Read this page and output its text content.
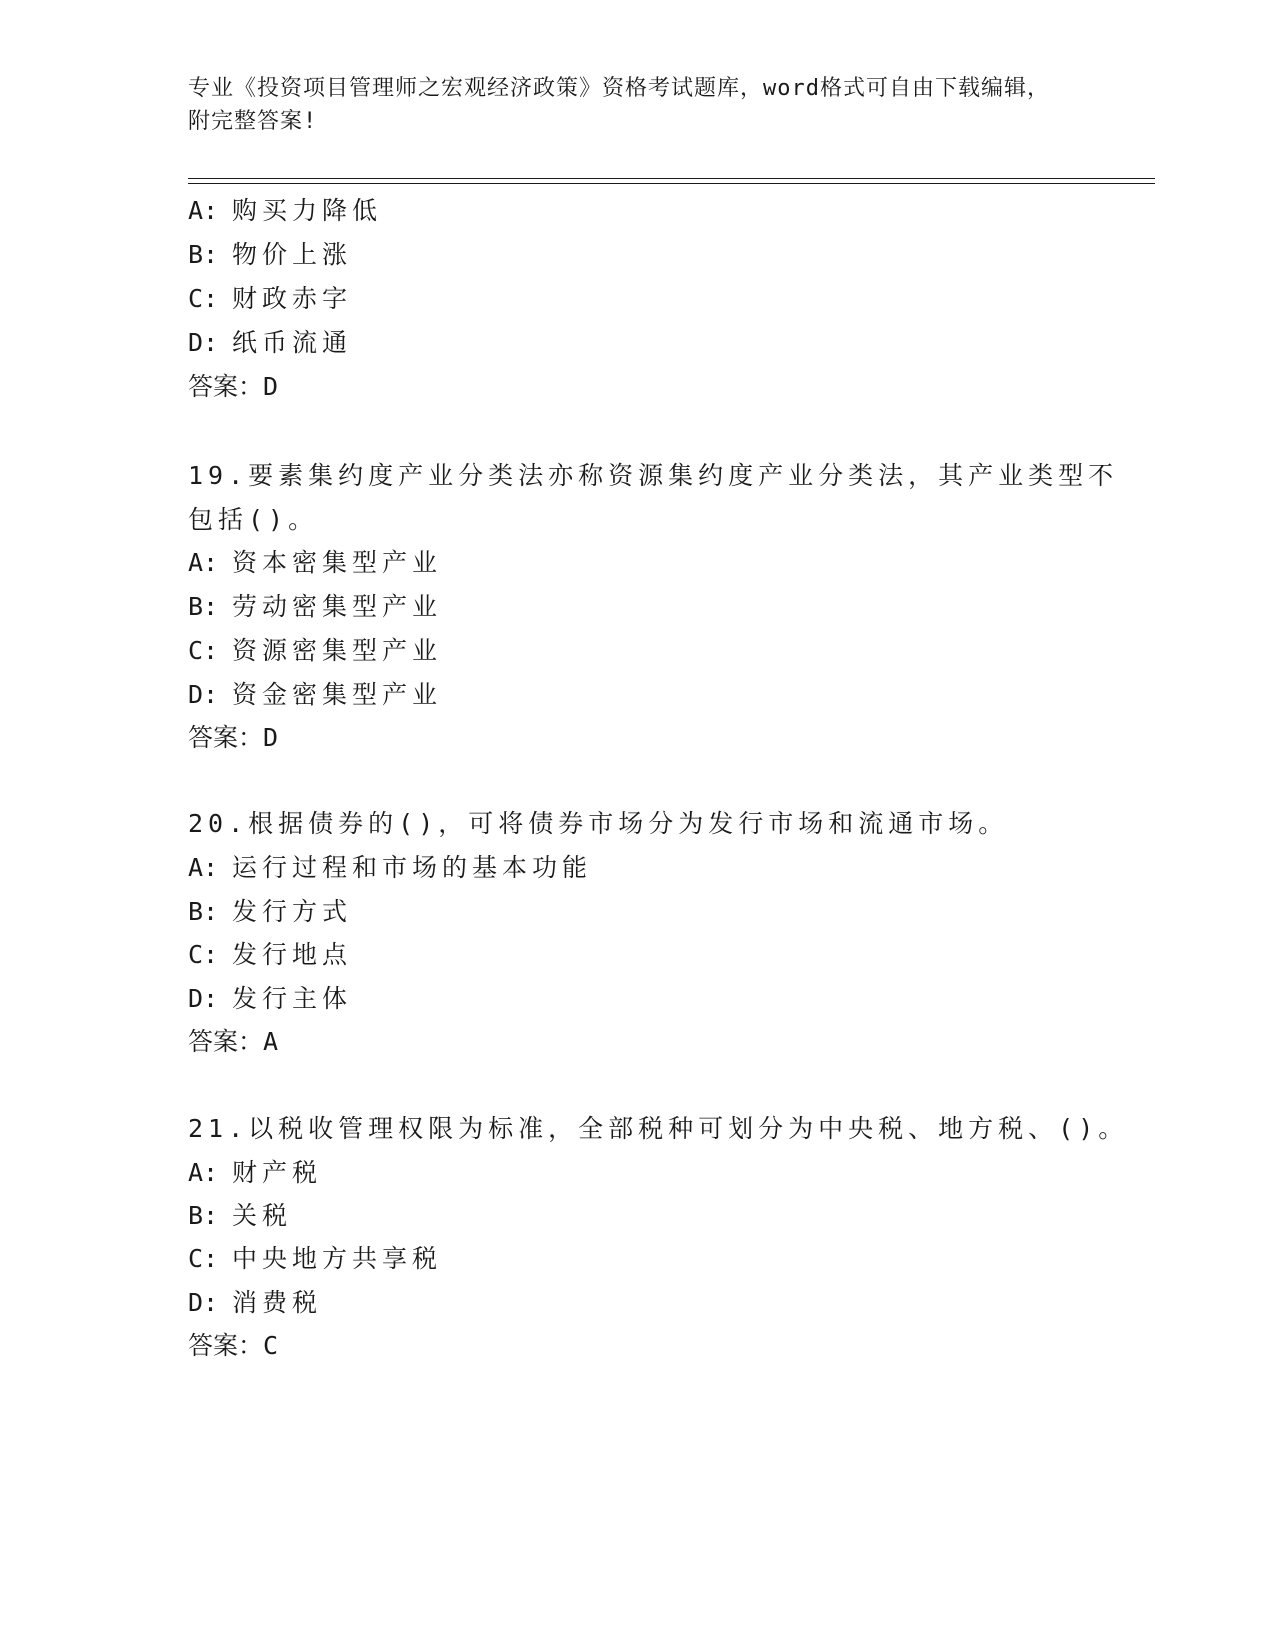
专业《投资项目管理师之宏观经济政策》资格考试题库，word格式可自由下载编辑，附完整答案!
A: 购买力降低
B: 物价上涨
C: 财政赤字
D: 纸币流通
答案：D
19.要素集约度产业分类法亦称资源集约度产业分类法，其产业类型不
包括()。
A: 资本密集型产业
B: 劳动密集型产业
C: 资源密集型产业
D: 资金密集型产业
答案：D
20.根据债券的()，可将债券市场分为发行市场和流通市场。
A: 运行过程和市场的基本功能
B: 发行方式
C: 发行地点
D: 发行主体
答案：A
21.以税收管理权限为标准，全部税种可划分为中央税、地方税、()。
A: 财产税
B: 关税
C: 中央地方共享税
D: 消费税
答案：C
